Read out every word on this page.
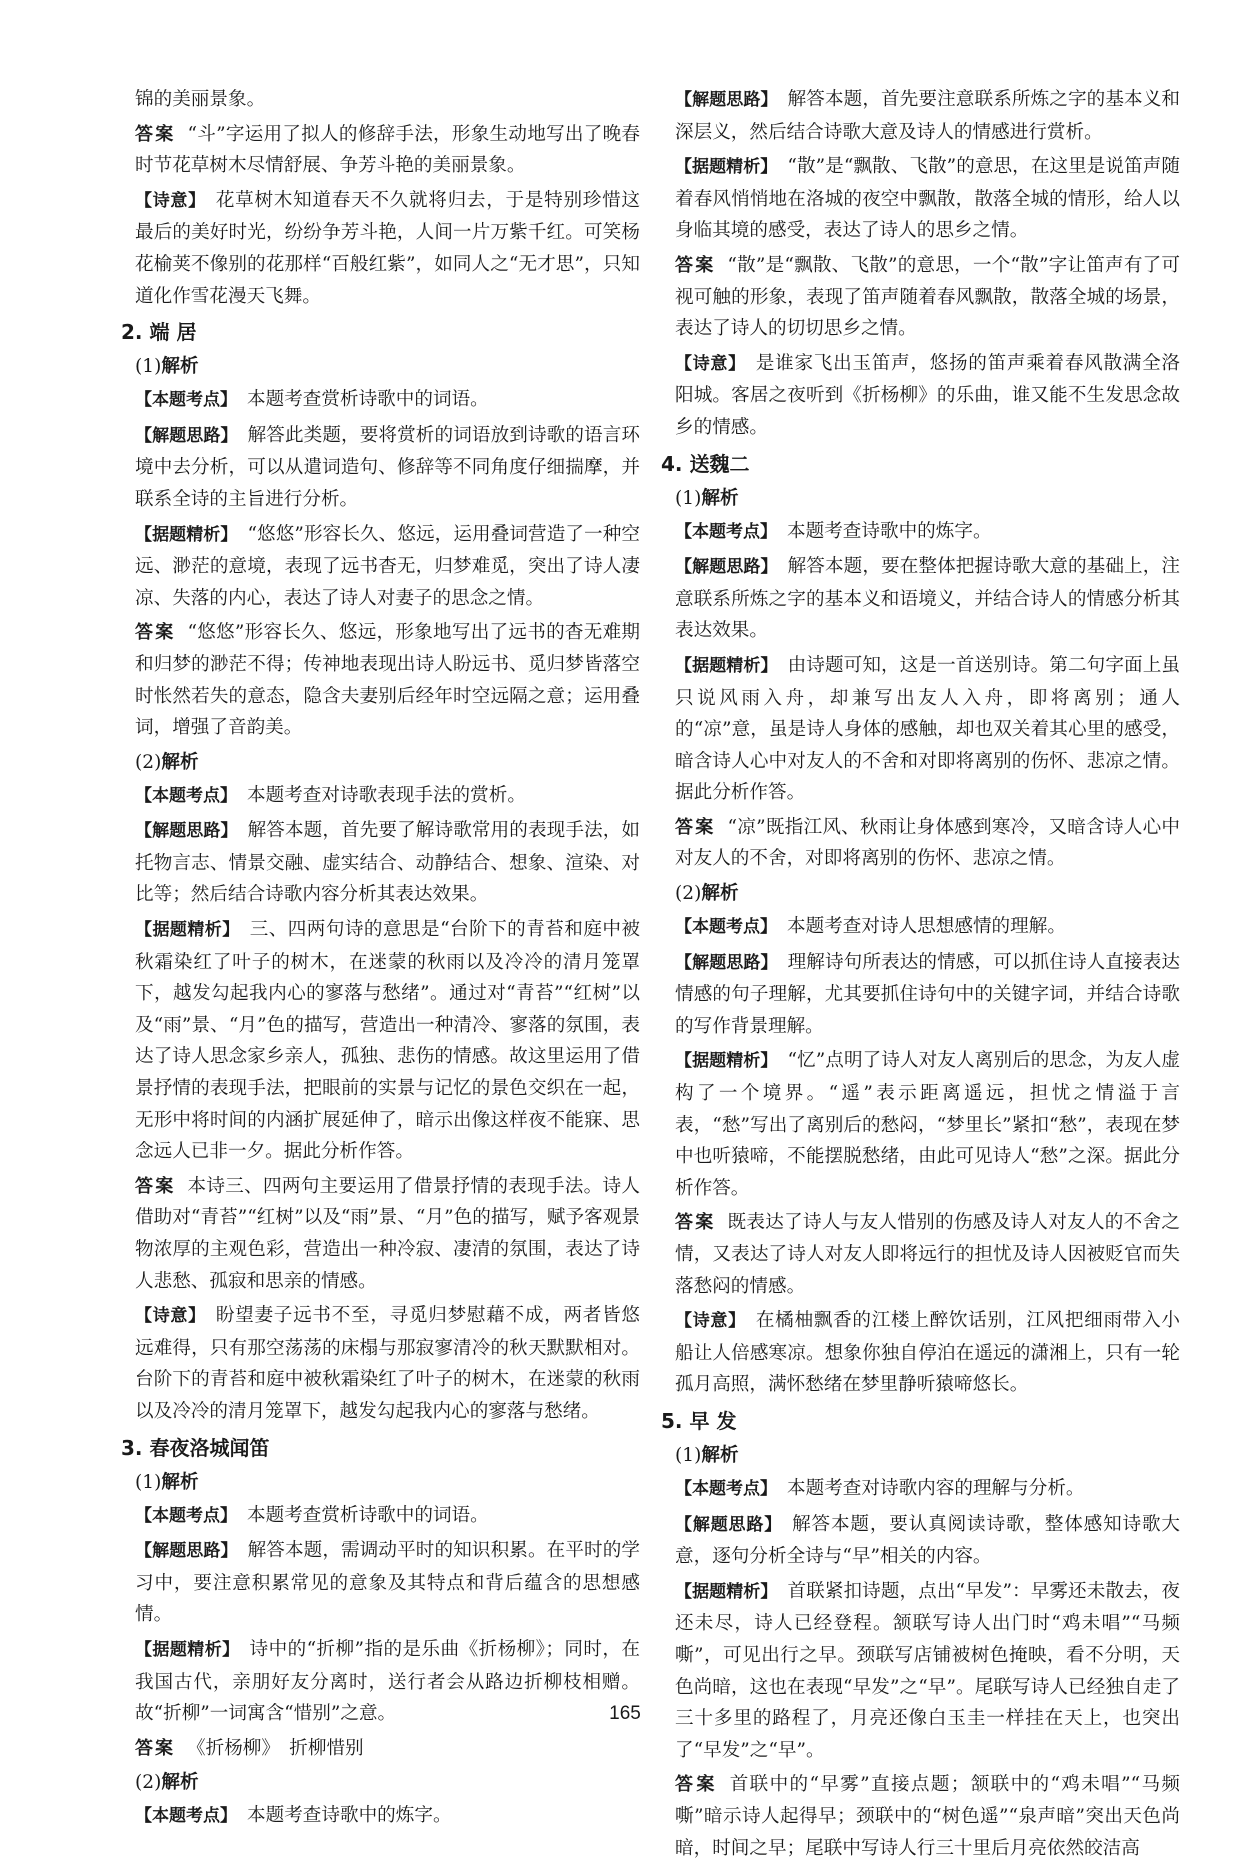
锦的美丽景象。
答案 “斗”字运用了拟人的修辞手法，形象生动地写出了晚春时节花草树木尽情舒展、争芳斗艳的美丽景象。
【诗意】 花草树木知道春天不久就将归去，于是特别珍惜这最后的美好时光，纷纷争芳斗艳，人间一片万紫千红。可笑杨花榆荚不像别的花那样“百般红紫”，如同人之“无才思”，只知道化作雪花漫天飞舞。
2. 端 居
(1)解析
【本题考点】 本题考查赏析诗歌中的词语。
【解题思路】 解答此类题，要将赏析的词语放到诗歌的语言环境中去分析，可以从遣词造句、修辞等不同角度仔细揣摩，并联系全诗的主旨进行分析。
【据题精析】 “悠悠”形容长久、悠远，运用叠词营造了一种空远、渺茫的意境，表现了远书杳无，归梦难觅，突出了诗人凄凉、失落的内心，表达了诗人对妻子的思念之情。
答案 “悠悠”形容长久、悠远，形象地写出了远书的杳无难期和归梦的渺茫不得；传神地表现出诗人盼远书、觅归梦皆落空时怅然若失的意态，隐含夫妻别后经年时空远隔之意；运用叠词，增强了音韵美。
(2)解析
【本题考点】 本题考查对诗歌表现手法的赏析。
【解题思路】 解答本题，首先要了解诗歌常用的表现手法，如托物言志、情景交融、虚实结合、动静结合、想象、渲染、对比等；然后结合诗歌内容分析其表达效果。
【据题精析】 三、四两句诗的意思是“台阶下的青苔和庭中被秋霜染红了叶子的树木，在迷蒙的秋雨以及冷冷的清月笼罩下，越发勾起我内心的寥落与愁绪”。通过对“青苔”“红树”以及“雨”景、“月”色的描写，营造出一种清冷、寥落的氛围，表达了诗人思念家乡亲人，孤独、悲伤的情感。故这里运用了借景抒情的表现手法，把眼前的实景与记忆的景色交织在一起，无形中将时间的内涵扩展延伸了，暗示出像这样夜不能寐、思念远人已非一夕。据此分析作答。
答案 本诗三、四两句主要运用了借景抒情的表现手法。诗人借助对“青苔”“红树”以及“雨”景、“月”色的描写，赋予客观景物浓厚的主观色彩，营造出一种冷寂、凄清的氛围，表达了诗人悲愁、孤寂和思亲的情感。
【诗意】 盼望妻子远书不至，寻觅归梦慰藉不成，两者皆悠远难得，只有那空荡荡的床榻与那寂寥清冷的秋天默默相对。台阶下的青苔和庭中被秋霜染红了叶子的树木，在迷蒙的秋雨以及冷冷的清月笼罩下，越发勾起我内心的寥落与愁绪。
3. 春夜洛城闻笛
(1)解析
【本题考点】 本题考查赏析诗歌中的词语。
【解题思路】 解答本题，需调动平时的知识积累。在平时的学习中，要注意积累常见的意象及其特点和背后蕴含的思想感情。
【据题精析】 诗中的“折柳”指的是乐曲《折杨柳》；同时，在我国古代，亲朋好友分离时，送行者会从路边折柳枝相赠。故“折柳”一词寓含“惜别”之意。
答案 《折杨柳》　折柳惜别
(2)解析
【本题考点】 本题考查诗歌中的炼字。
【解题思路】 解答本题，首先要注意联系所炼之字的基本义和深层义，然后结合诗歌大意及诗人的情感进行赏析。
【据题精析】 “散”是“飘散、飞散”的意思，在这里是说笛声随着春风悄悄地在洛城的夜空中飘散，散落全城的情形，给人以身临其境的感受，表达了诗人的思乡之情。
答案 “散”是“飘散、飞散”的意思，一个“散”字让笛声有了可视可触的形象，表现了笛声随着春风飘散，散落全城的场景，表达了诗人的切切思乡之情。
【诗意】 是谁家飞出玉笛声，悠扬的笛声乘着春风散满全洛阳城。客居之夜听到《折杨柳》的乐曲，谁又能不生发思念故乡的情感。
4. 送魏二
(1)解析
【本题考点】 本题考查诗歌中的炼字。
【解题思路】 解答本题，要在整体把握诗歌大意的基础上，注意联系所炼之字的基本义和语境义，并结合诗人的情感分析其表达效果。
【据题精析】 由诗题可知，这是一首送别诗。第二句字面上虽只说风雨入舟，却兼写出友人入舟，即将离别；通人的“凉”意，虽是诗人身体的感触，却也双关着其心里的感受，暗含诗人心中对友人的不舍和对即将离别的伤怀、悲凉之情。据此分析作答。
答案 “凉”既指江风、秋雨让身体感到寒冷，又暗含诗人心中对友人的不舍，对即将离别的伤怀、悲凉之情。
(2)解析
【本题考点】 本题考查对诗人思想感情的理解。
【解题思路】 理解诗句所表达的情感，可以抓住诗人直接表达情感的句子理解，尤其要抓住诗句中的关键字词，并结合诗歌的写作背景理解。
【据题精析】 “忆”点明了诗人对友人离别后的思念，为友人虚构了一个境界。“遥”表示距离遥远，担忧之情溢于言表，“愁”写出了离别后的愁闷，“梦里长”紧扣“愁”，表现在梦中也听猿啼，不能摆脱愁绪，由此可见诗人“愁”之深。据此分析作答。
答案 既表达了诗人与友人惜别的伤感及诗人对友人的不舍之情，又表达了诗人对友人即将远行的担忧及诗人因被贬官而失落愁闷的情感。
【诗意】 在橘柚飘香的江楼上醉饮话别，江风把细雨带入小船让人倍感寒凉。想象你独自停泊在遥远的潇湘上，只有一轮孤月高照，满怀愁绪在梦里静听猿啼悠长。
5. 早 发
(1)解析
【本题考点】 本题考查对诗歌内容的理解与分析。
【解题思路】 解答本题，要认真阅读诗歌，整体感知诗歌大意，逐句分析全诗与“早”相关的内容。
【据题精析】 首联紧扣诗题，点出“早发”：早雾还未散去，夜还未尽，诗人已经登程。颔联写诗人出门时“鸡未唱”“马频嘶”，可见出行之早。颈联写店铺被树色掩映，看不分明，天色尚暗，这也在表现“早发”之“早”。尾联写诗人已经独自走了三十多里的路程了，月亮还像白玉圭一样挂在天上，也突出了“早发”之“早”。
答案 首联中的“早雾”直接点题；颔联中的“鸡未唱”“马频嘶”暗示诗人起得早；颈联中的“树色遥”“泉声暗”突出天色尚暗，时间之早；尾联中写诗人行三十里后月亮依然皎洁高
165
